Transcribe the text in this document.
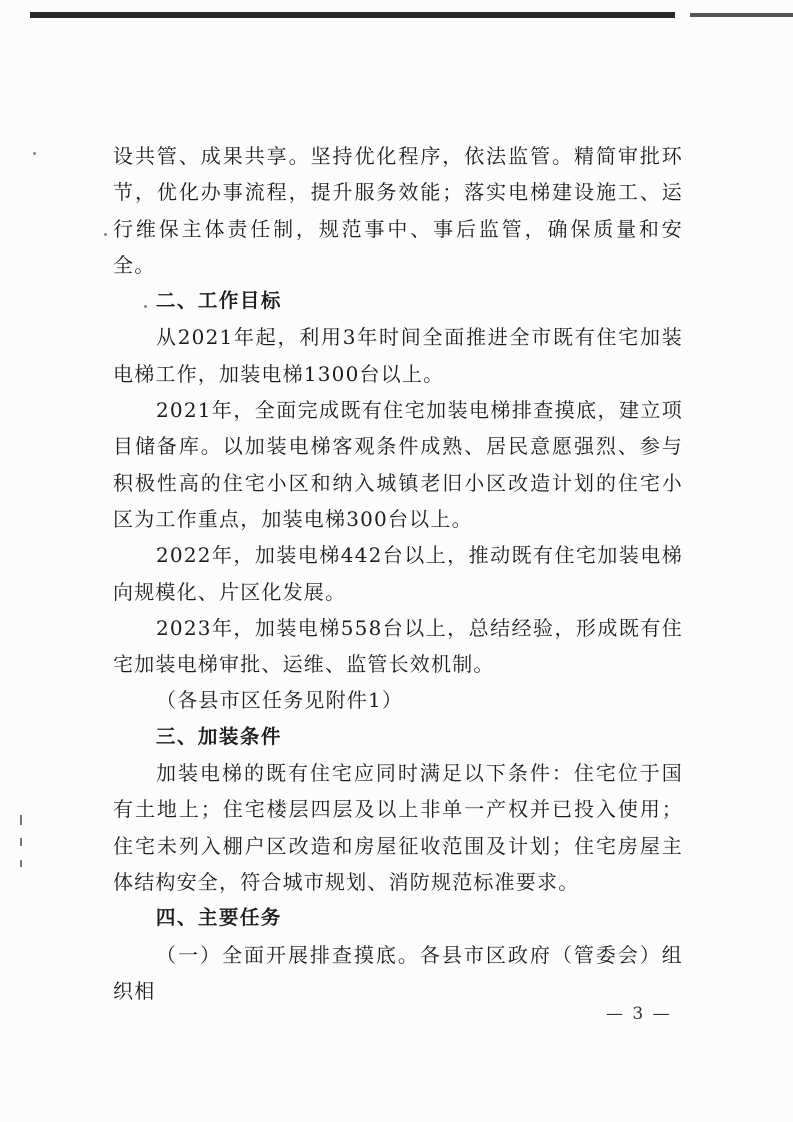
设共管、成果共享。坚持优化程序，依法监管。精简审批环节，优化办事流程，提升服务效能；落实电梯建设施工、运行维保主体责任制，规范事中、事后监管，确保质量和安全。

二、工作目标

从2021年起，利用3年时间全面推进全市既有住宅加装电梯工作，加装电梯1300台以上。

2021年，全面完成既有住宅加装电梯排查摸底，建立项目储备库。以加装电梯客观条件成熟、居民意愿强烈、参与积极性高的住宅小区和纳入城镇老旧小区改造计划的住宅小区为工作重点，加装电梯300台以上。

2022年，加装电梯442台以上，推动既有住宅加装电梯向规模化、片区化发展。

2023年，加装电梯558台以上，总结经验，形成既有住宅加装电梯审批、运维、监管长效机制。

（各县市区任务见附件1）

三、加装条件

加装电梯的既有住宅应同时满足以下条件：住宅位于国有土地上；住宅楼层四层及以上非单一产权并已投入使用；住宅未列入棚户区改造和房屋征收范围及计划；住宅房屋主体结构安全，符合城市规划、消防规范标准要求。

四、主要任务

（一）全面开展排查摸底。各县市区政府（管委会）组织相

— 3 —
